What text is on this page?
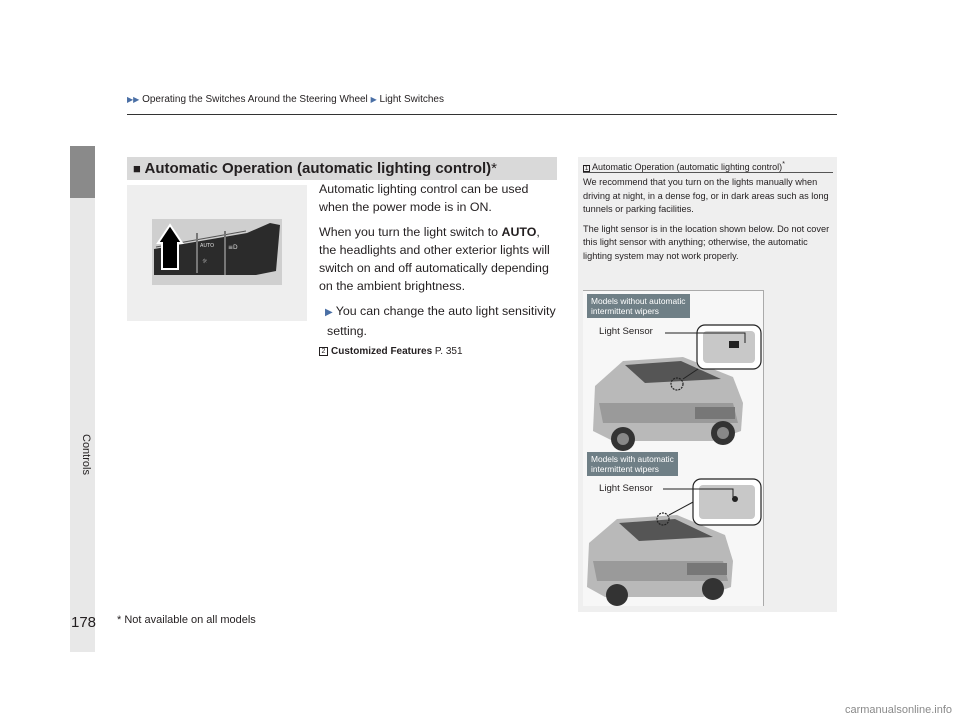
Controls
▶▶ Operating the Switches Around the Steering Wheel ▶ Light Switches
■ Automatic Operation (automatic lighting control)*
AUTO ≡D
☼

Automatic lighting control can be used when the power mode is in ON.

When you turn the light switch to AUTO, the headlights and other exterior lights will switch on and off automatically depending on the ambient brightness.

▶ You can change the auto light sensitivity setting.

2 Customized Features P. 351
1 Automatic Operation (automatic lighting control)*

We recommend that you turn on the lights manually when driving at night, in a dense fog, or in dark areas such as long tunnels or parking facilities.

The light sensor is in the location shown below. Do not cover this light sensor with anything; otherwise, the automatic lighting system may not work properly.

Models without automatic
intermittent wipers
Light Sensor
Models with automatic
intermittent wipers
Light Sensor
178 * Not available on all models
carmanualsonline.info
